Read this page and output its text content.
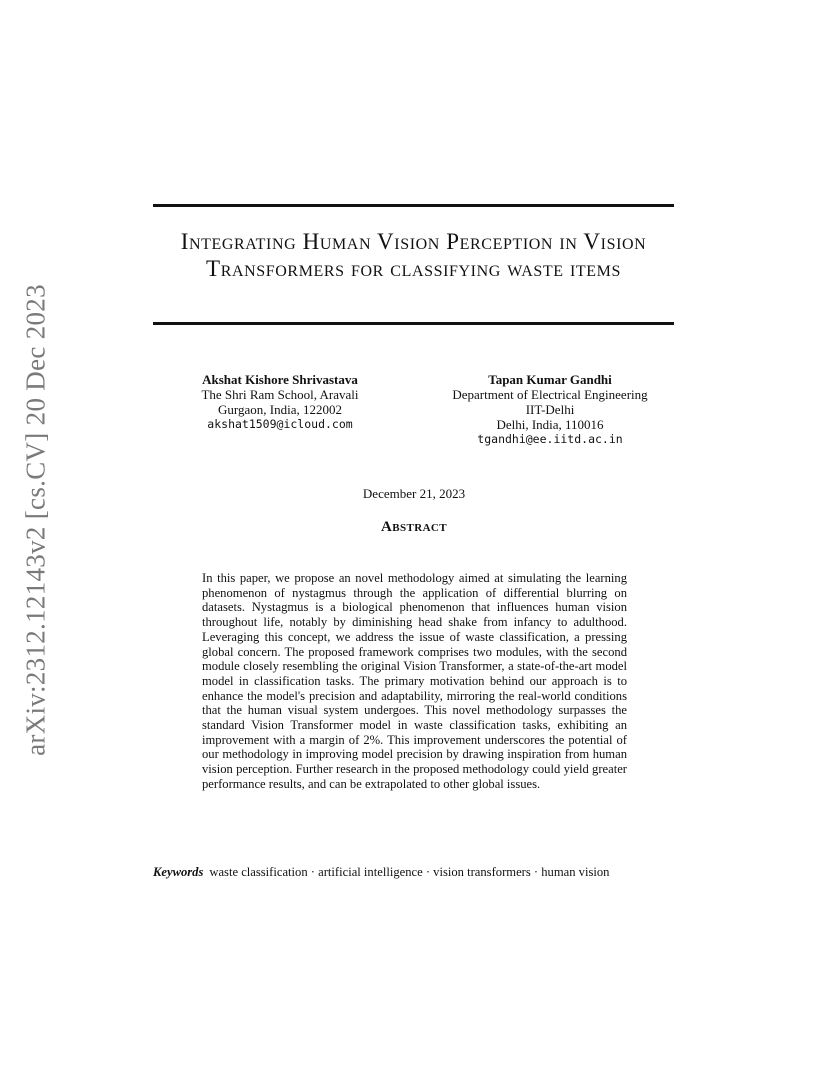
arXiv:2312.12143v2 [cs.CV] 20 Dec 2023
Integrating Human Vision Perception in Vision Transformers for classifying waste items
Akshat Kishore Shrivastava
The Shri Ram School, Aravali
Gurgaon, India, 122002
akshat1509@icloud.com
Tapan Kumar Gandhi
Department of Electrical Engineering
IIT-Delhi
Delhi, India, 110016
tgandhi@ee.iitd.ac.in
December 21, 2023
Abstract
In this paper, we propose an novel methodology aimed at simulating the learning phenomenon of nystagmus through the application of differential blurring on datasets. Nystagmus is a biological phenomenon that influences human vision throughout life, notably by diminishing head shake from infancy to adulthood. Leveraging this concept, we address the issue of waste classification, a pressing global concern. The proposed framework comprises two modules, with the second module closely resembling the original Vision Transformer, a state-of-the-art model model in classification tasks. The primary motivation behind our approach is to enhance the model's precision and adaptability, mirroring the real-world conditions that the human visual system undergoes. This novel methodology surpasses the standard Vision Transformer model in waste classification tasks, exhibiting an improvement with a margin of 2%. This improvement underscores the potential of our methodology in improving model precision by drawing inspiration from human vision perception. Further research in the proposed methodology could yield greater performance results, and can be extrapolated to other global issues.
Keywords waste classification · artificial intelligence · vision transformers · human vision
